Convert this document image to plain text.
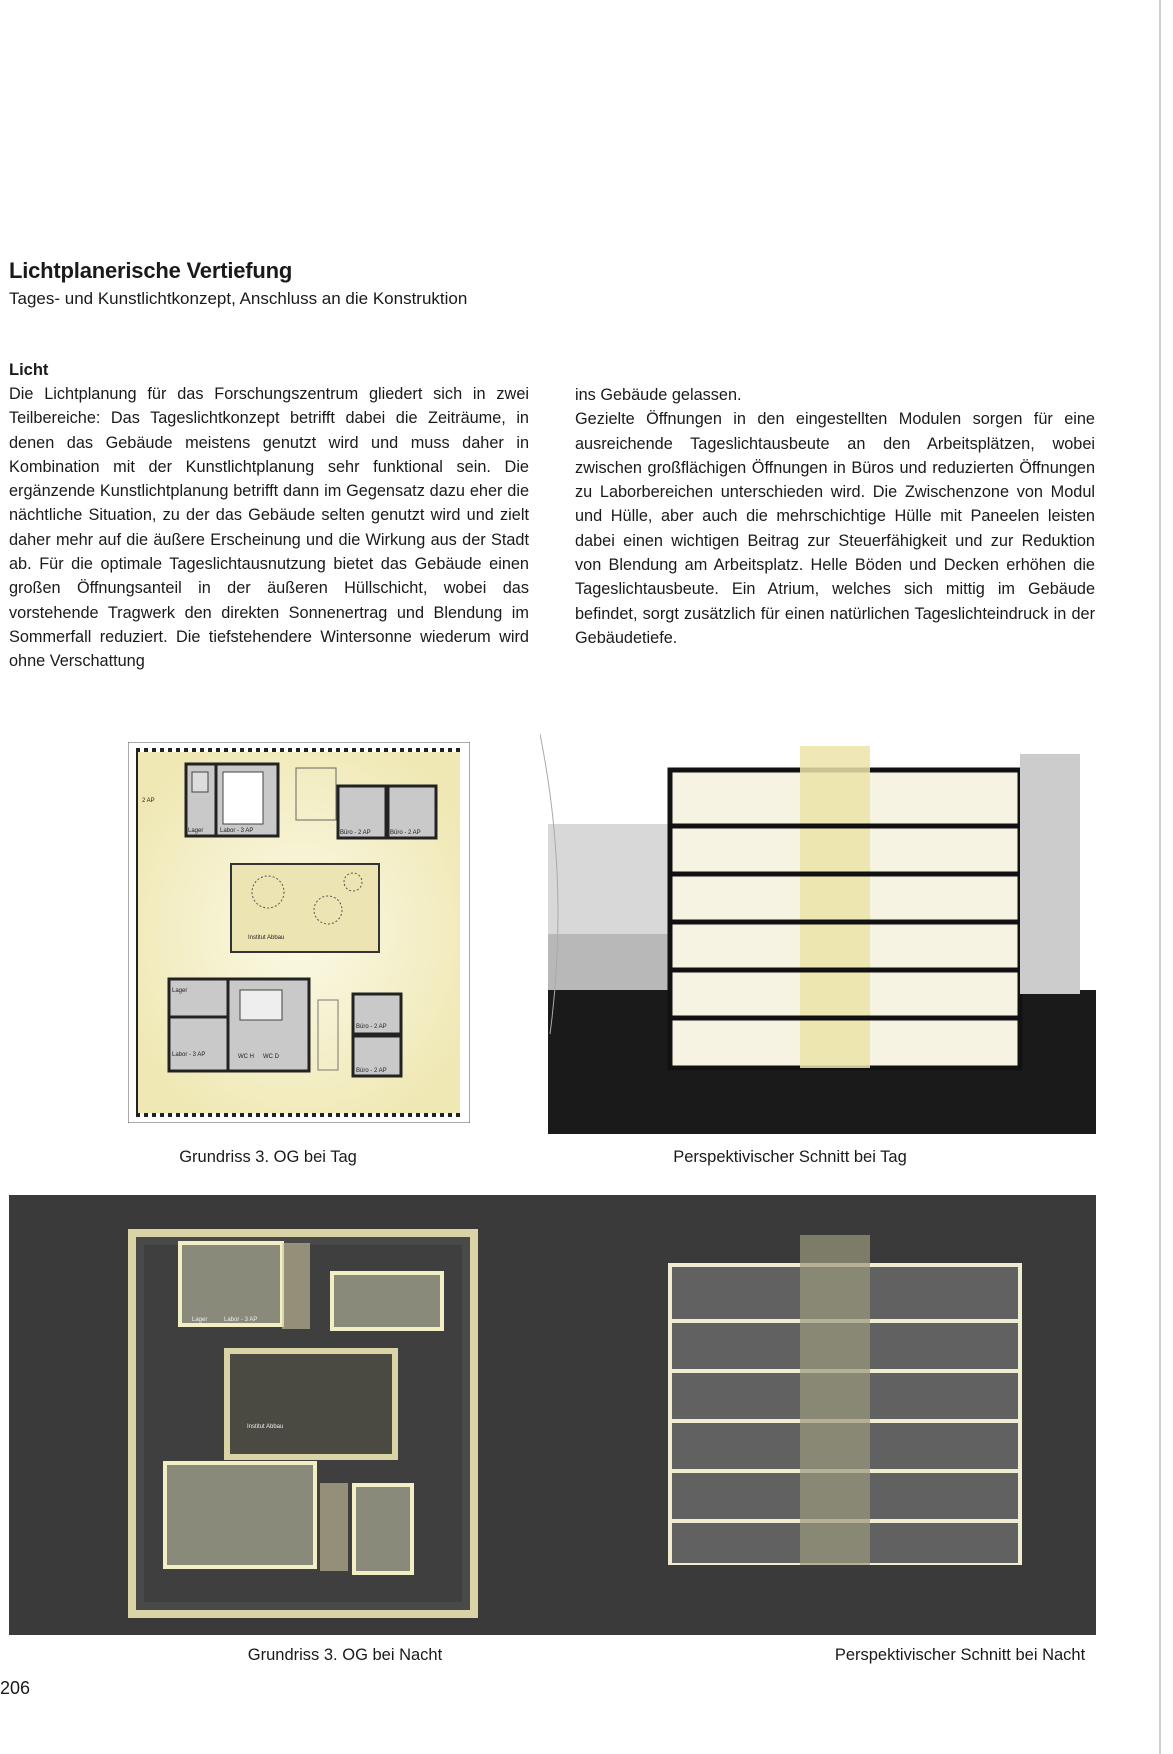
Lichtplanerische Vertiefung
Tages- und Kunstlichtkonzept, Anschluss an die Konstruktion
Licht

Die Lichtplanung für das Forschungszentrum gliedert sich in zwei Teilbereiche: Das Tageslichtkonzept betrifft dabei die Zeiträume, in denen das Gebäude meistens genutzt wird und muss daher in Kombination mit der Kunstlichtplanung sehr funktional sein. Die ergänzende Kunstlichtplanung betrifft dann im Gegensatz dazu eher die nächtliche Situation, zu der das Gebäude selten genutzt wird und zielt daher mehr auf die äußere Erscheinung und die Wirkung aus der Stadt ab. Für die optimale Tageslichtausnutzung bietet das Gebäude einen großen Öffnungsanteil in der äußeren Hüllschicht, wobei das vorstehende Tragwerk den direkten Sonnenertrag und Blendung im Sommerfall reduziert. Die tiefstehendere Wintersonne wiederum wird ohne Verschattung

ins Gebäude gelassen.

Gezielte Öffnungen in den eingestellten Modulen sorgen für eine ausreichende Tageslichtausbeute an den Arbeitsplätzen, wobei zwischen großflächigen Öffnungen in Büros und reduzierten Öffnungen zu Laborbereichen unterschieden wird. Die Zwischenzone von Modul und Hülle, aber auch die mehrschichtige Hülle mit Paneelen leisten dabei einen wichtigen Beitrag zur Steuerfähigkeit und zur Reduktion von Blendung am Arbeitsplatz. Helle Böden und Decken erhöhen die Tageslichtausbeute. Ein Atrium, welches sich mittig im Gebäude befindet, sorgt zusätzlich für einen natürlichen Tageslichteindruck in der Gebäudetiefe.

2 AP
Lager	Labor - 3 AP	Büro - 2 AP	Büro - 2 AP
Institut Abbau
Lager
Labor - 3 AP	WC H WC D
Büro - 2 AP
Büro - 2 AP
Grundriss 3. OG bei Tag	Perspektivischer Schnitt bei Tag
Lager	Labor - 3 AP
Institut Abbau
Grundriss 3. OG bei Nacht	Perspektivischer Schnitt bei Nacht
206
